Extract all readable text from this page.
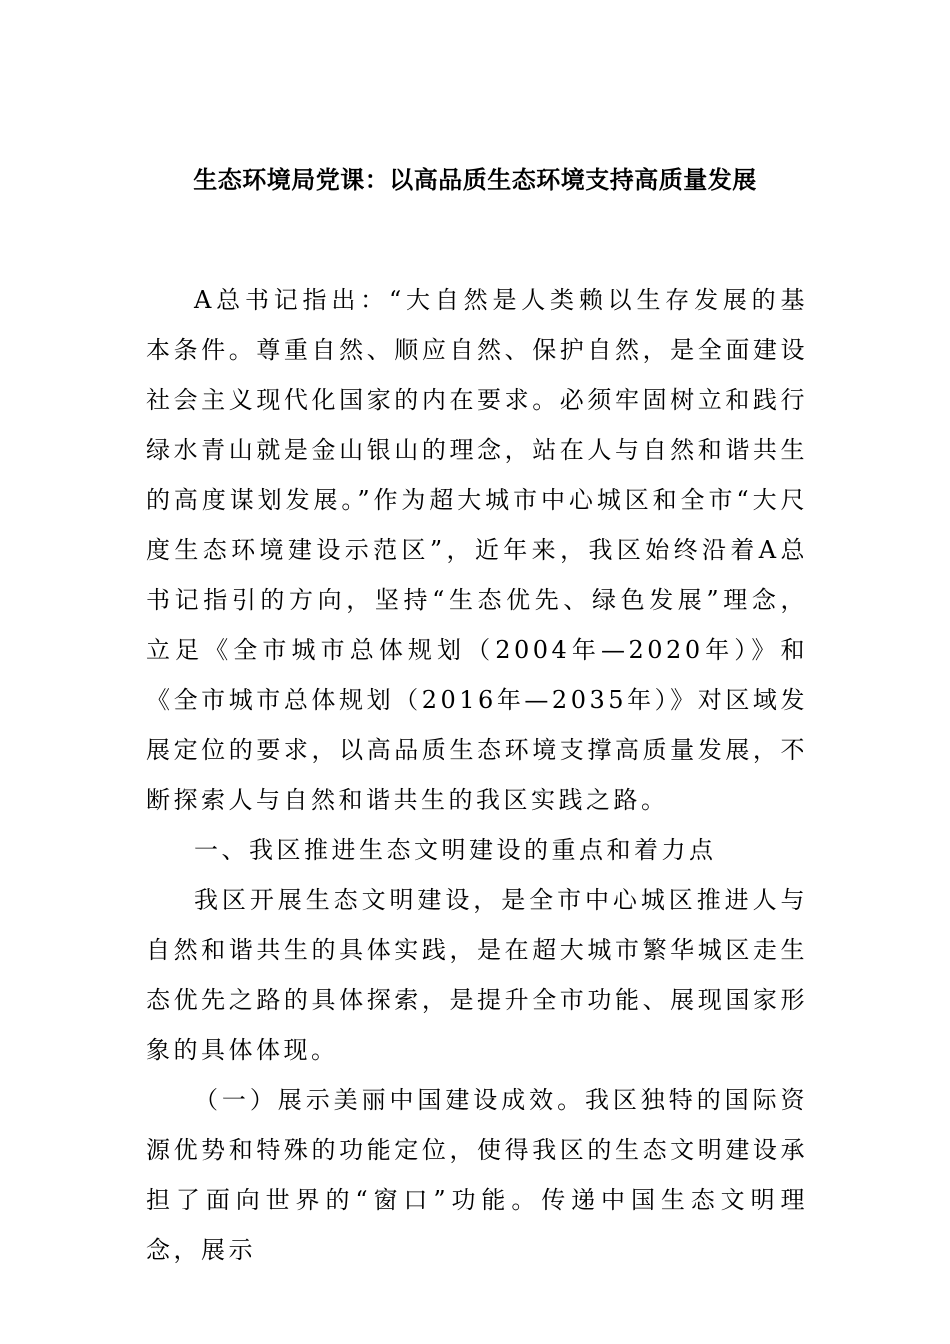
生态环境局党课：以高品质生态环境支持高质量发展

A总书记指出：“大自然是人类赖以生存发展的基本条件。尊重自然、顺应自然、保护自然，是全面建设社会主义现代化国家的内在要求。必须牢固树立和践行绿水青山就是金山银山的理念，站在人与自然和谐共生的高度谋划发展。”作为超大城市中心城区和全市“大尺度生态环境建设示范区”，近年来，我区始终沿着A总书记指引的方向，坚持“生态优先、绿色发展”理念，立足《全市城市总体规划（2004年—2020年）》和《全市城市总体规划（2016年—2035年）》对区域发展定位的要求，以高品质生态环境支撑高质量发展，不断探索人与自然和谐共生的我区实践之路。

一、我区推进生态文明建设的重点和着力点

我区开展生态文明建设，是全市中心城区推进人与自然和谐共生的具体实践，是在超大城市繁华城区走生态优先之路的具体探索，是提升全市功能、展现国家形象的具体体现。

（一）展示美丽中国建设成效。我区独特的国际资源优势和特殊的功能定位，使得我区的生态文明建设承担了面向世界的“窗口”功能。传递中国生态文明理念，展示
